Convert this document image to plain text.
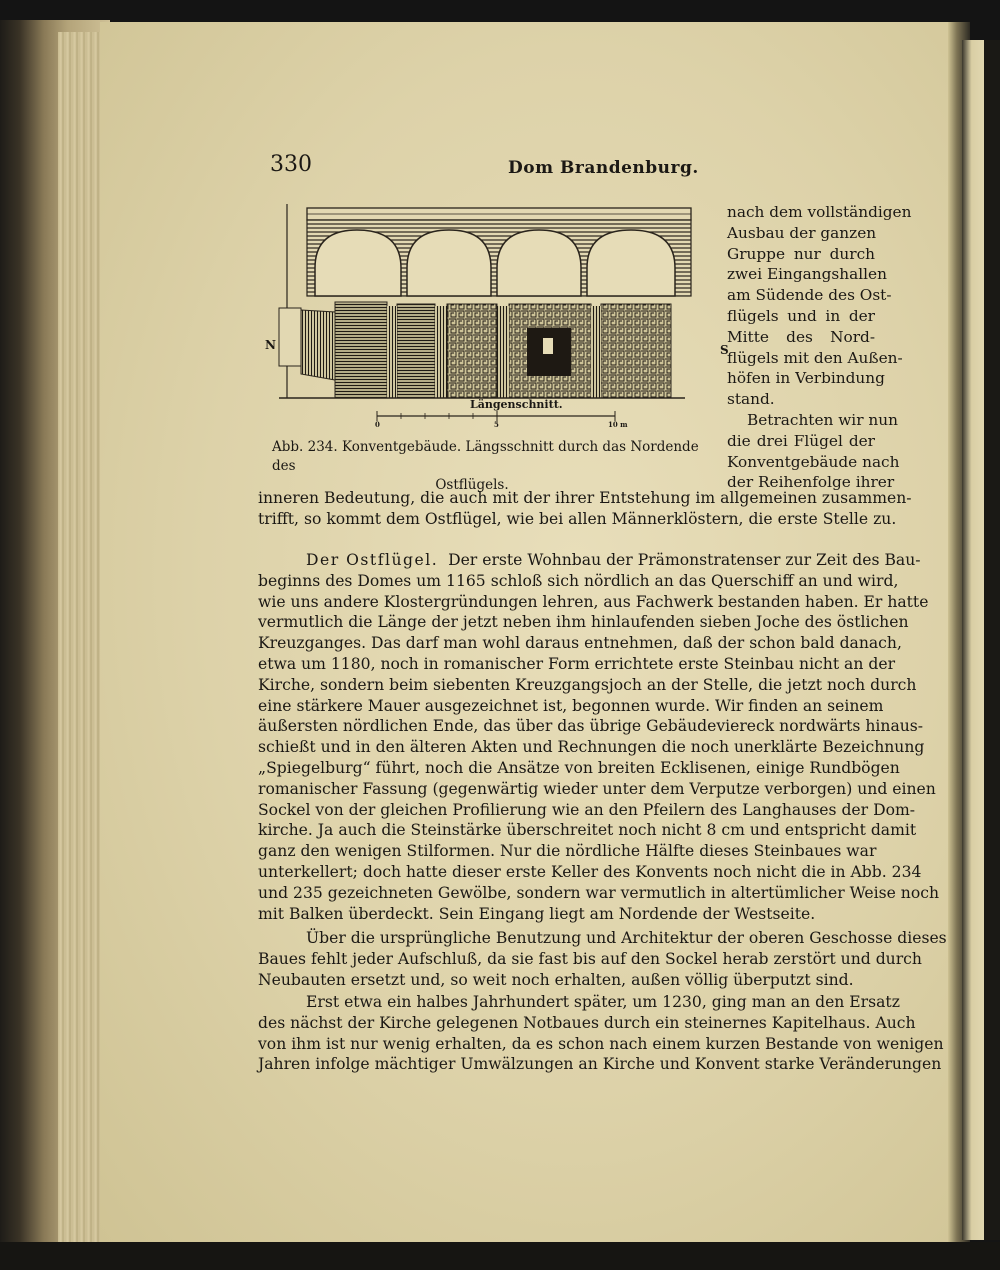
330	Dom Brandenburg.
N	S
Längenschnitt.
0	5	10 m
Abb. 234. Konventgebäude. Längsschnitt durch das Nordende des

Ostflügels.
nach dem vollständigen
Ausbau der ganzen
Gruppe nur durch
zwei Eingangshallen
am Südende des Ost-
flügels und in der
Mitte des Nord-
flügels mit den Außen-
höfen in Verbindung
stand.
Betrachten wir nun
die drei Flügel der
Konventgebäude nach
der Reihenfolge ihrer
inneren Bedeutung, die auch mit der ihrer Entstehung im allgemeinen zusammen-
trifft, so kommt dem Ostflügel, wie bei allen Männerklöstern, die erste Stelle zu.
Der Ostflügel. Der erste Wohnbau der Prämonstratenser zur Zeit des Bau-
beginns des Domes um 1165 schloß sich nördlich an das Querschiff an und wird,
wie uns andere Klostergründungen lehren, aus Fachwerk bestanden haben. Er hatte
vermutlich die Länge der jetzt neben ihm hinlaufenden sieben Joche des östlichen
Kreuzganges. Das darf man wohl daraus entnehmen, daß der schon bald danach,
etwa um 1180, noch in romanischer Form errichtete erste Steinbau nicht an der
Kirche, sondern beim siebenten Kreuzgangsjoch an der Stelle, die jetzt noch durch
eine stärkere Mauer ausgezeichnet ist, begonnen wurde. Wir finden an seinem
äußersten nördlichen Ende, das über das übrige Gebäudeviereck nordwärts hinaus-
schießt und in den älteren Akten und Rechnungen die noch unerklärte Bezeichnung
„Spiegelburg“ führt, noch die Ansätze von breiten Ecklisenen, einige Rundbögen
romanischer Fassung (gegenwärtig wieder unter dem Verputze verborgen) und einen
Sockel von der gleichen Profilierung wie an den Pfeilern des Langhauses der Dom-
kirche. Ja auch die Steinstärke überschreitet noch nicht 8 cm und entspricht damit
ganz den wenigen Stilformen. Nur die nördliche Hälfte dieses Steinbaues war
unterkellert; doch hatte dieser erste Keller des Konvents noch nicht die in Abb. 234
und 235 gezeichneten Gewölbe, sondern war vermutlich in altertümlicher Weise noch
mit Balken überdeckt. Sein Eingang liegt am Nordende der Westseite.
Über die ursprüngliche Benutzung und Architektur der oberen Geschosse dieses
Baues fehlt jeder Aufschluß, da sie fast bis auf den Sockel herab zerstört und durch
Neubauten ersetzt und, so weit noch erhalten, außen völlig überputzt sind.
Erst etwa ein halbes Jahrhundert später, um 1230, ging man an den Ersatz
des nächst der Kirche gelegenen Notbaues durch ein steinernes Kapitelhaus. Auch
von ihm ist nur wenig erhalten, da es schon nach einem kurzen Bestande von wenigen
Jahren infolge mächtiger Umwälzungen an Kirche und Konvent starke Veränderungen
